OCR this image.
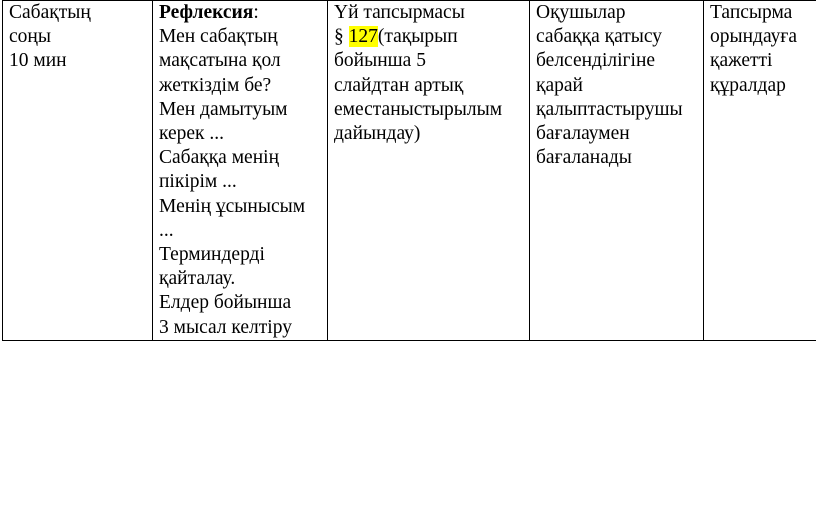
Сабақтың
соңы
10 мин

Рефлексия:
Мен сабақтың
мақсатына қол
жеткіздім бе?
Мен дамытуым
керек ...
Сабаққа менің
пікірім ...
Менің ұсынысым
...
Терминдерді
қайталау.
Елдер бойынша
3 мысал келтіру

Үй тапсырмасы
§ 127(тақырып
бойынша 5
слайдтан артық
еместаныстырылым
дайындау)

Оқушылар
сабаққа қатысу
белсенділігіне
қарай
қалыптастырушы
бағалаумен
бағаланады

Тапсырма
орындауға
қажетті
құралдар
